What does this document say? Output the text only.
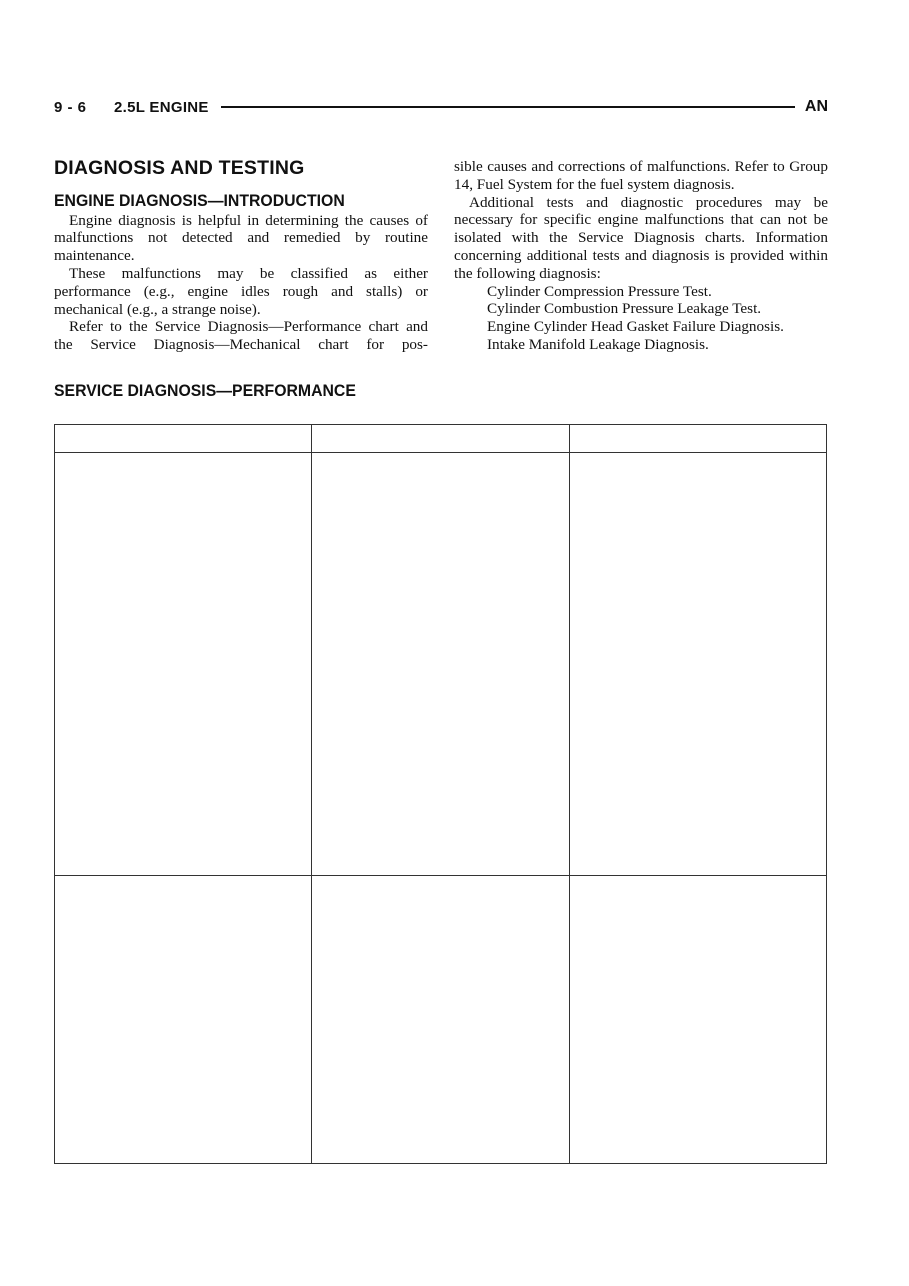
9 - 6	2.5L ENGINE	AN
DIAGNOSIS AND TESTING
ENGINE DIAGNOSIS—INTRODUCTION

Engine diagnosis is helpful in determining the causes of malfunctions not detected and remedied by routine maintenance.

These malfunctions may be classified as either performance (e.g., engine idles rough and stalls) or mechanical (e.g., a strange noise).

Refer to the Service Diagnosis—Performance chart and the Service Diagnosis—Mechanical chart for pos-

sible causes and corrections of malfunctions. Refer to Group 14, Fuel System for the fuel system diagnosis.

Additional tests and diagnostic procedures may be necessary for specific engine malfunctions that can not be isolated with the Service Diagnosis charts. Information concerning additional tests and diagnosis is provided within the following diagnosis:

Cylinder Compression Pressure Test.
Cylinder Combustion Pressure Leakage Test.
Engine Cylinder Head Gasket Failure Diagnosis.
Intake Manifold Leakage Diagnosis.
SERVICE DIAGNOSIS—PERFORMANCE
